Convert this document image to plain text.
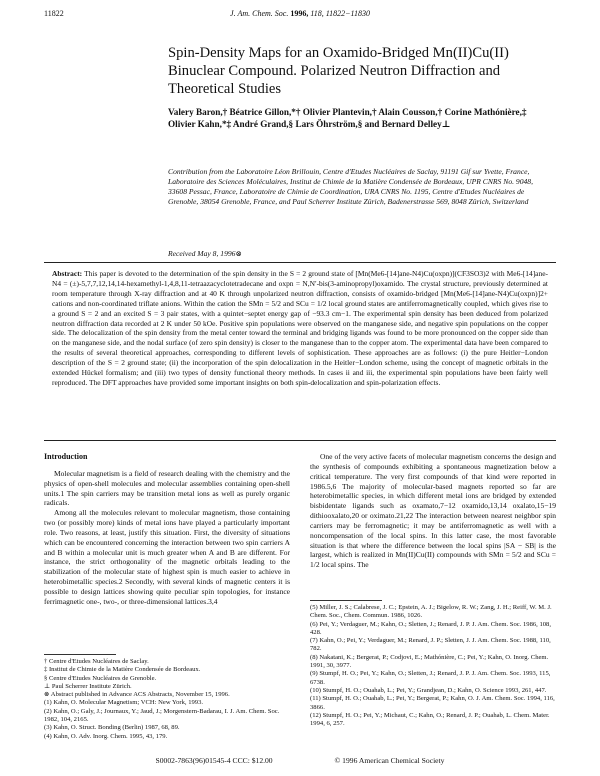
11822	J. Am. Chem. Soc. 1996, 118, 11822−11830
Spin-Density Maps for an Oxamido-Bridged Mn(II)Cu(II) Binuclear Compound. Polarized Neutron Diffraction and Theoretical Studies
Valery Baron,† Béatrice Gillon,*† Olivier Plantevin,† Alain Cousson,† Corine Mathónière,‡ Olivier Kahn,*‡ André Grand,§ Lars Öhrström,§ and Bernard Delley⊥
Contribution from the Laboratoire Léon Brillouin, Centre d'Etudes Nucléaires de Saclay, 91191 Gif sur Yvette, France, Laboratoire des Sciences Moléculaires, Institut de Chimie de la Matière Condensée de Bordeaux, UPR CNRS No. 9048, 33608 Pessac, France, Laboratoire de Chimie de Coordination, URA CNRS No. 1195, Centre d'Etudes Nucléaires de Grenoble, 38054 Grenoble, France, and Paul Scherrer Institute Zürich, Badenerstrasse 569, 8048 Zürich, Switzerland
Received May 8, 1996⊗
Abstract: This paper is devoted to the determination of the spin density in the S = 2 ground state of [Mn(Me6-[14]ane-N4)Cu(oxpn)](CF3SO3)2 with Me6-[14]ane-N4 = (±)-5,7,7,12,14,14-hexamethyl-1,4,8,11-tetraazacyclotetradecane and oxpn = N,N′-bis(3-aminopropyl)oxamido. The crystal structure, previously determined at room temperature through X-ray diffraction and at 40 K through unpolarized neutron diffraction, consists of oxamido-bridged [Mn(Me6-[14]ane-N4)Cu(oxpn)]2+ cations and non-coordinated triflate anions. Within the cation the SMn = 5/2 and SCu = 1/2 local ground states are antiferromagnetically coupled, which gives rise to a ground S = 2 and an excited S = 3 pair states, with a quintet−septet energy gap of −93.3 cm−1. The experimental spin density has been deduced from polarized neutron diffraction data recorded at 2 K under 50 kOe. Positive spin populations were observed on the manganese side, and negative spin populations on the copper side. The delocalization of the spin density from the metal center toward the terminal and bridging ligands was found to be more pronounced on the copper side than on the manganese side, and the nodal surface (of zero spin density) is closer to the manganese than to the copper atom. The experimental data have been compared to the results of several theoretical approaches, corresponding to different levels of sophistication. These approaches are as follows: (i) the pure Heitler−London description of the S = 2 ground state; (ii) the incorporation of the spin delocalization in the Heitler−London scheme, using the concept of magnetic orbitals in the extended Hückel formalism; and (iii) two types of density functional theory methods. In cases ii and iii, the experimental spin populations have been fairly well reproduced. The DFT approaches have provided some important insights on both spin-delocalization and spin-polarization effects.
Introduction

Molecular magnetism is a field of research dealing with the chemistry and the physics of open-shell molecules and molecular assemblies containing open-shell units.1 The spin carriers may be transition metal ions as well as purely organic radicals.

Among all the molecules relevant to molecular magnetism, those containing two (or possibly more) kinds of metal ions have played a particularly important role. Two reasons, at least, justify this situation. First, the diversity of situations which can be encountered concerning the interaction between two spin carriers A and B within a molecular unit is much greater when A and B are different. For instance, the strict orthogonality of the magnetic orbitals leading to the stabilization of the molecular state of highest spin is much easier to achieve in heterobimetallic species.2 Secondly, with several kinds of magnetic centers it is possible to design lattices showing quite peculiar spin topologies, for instance ferrimagnetic one-, two-, or three-dimensional lattices.3,4

One of the very active facets of molecular magnetism concerns the design and the synthesis of compounds exhibiting a spontaneous magnetization below a critical temperature. The very first compounds of that kind were reported in 1986.5,6 The majority of molecular-based magnets reported so far are heterobimetallic species, in which different metal ions are bridged by extended bisbidentate ligands such as oxamato,7−12 oxamido,13,14 oxalato,15−19 dithiooxalato,20 or oximato.21,22 The interaction between nearest neighbor spin carriers may be ferromagnetic; it may be antiferromagnetic as well with a noncompensation of the local spins. In this latter case, the most favorable situation is that where the difference between the local spins |SA − SB| is the largest, which is realized in Mn(II)Cu(II) compounds with SMn = 5/2 and SCu = 1/2 local spins. The

† Centre d'Etudes Nucléaires de Saclay.

‡ Institut de Chimie de la Matière Condensée de Bordeaux.

§ Centre d'Etudes Nucléaires de Grenoble.

⊥ Paul Scherrer Institute Zürich.

⊗ Abstract published in Advance ACS Abstracts, November 15, 1996.

(1) Kahn, O. Molecular Magnetism; VCH: New York, 1993.

(2) Kahn, O.; Galy, J.; Journaux, Y.; Jaud, J.; Morgenstern-Badarau, I. J. Am. Chem. Soc. 1982, 104, 2165.

(3) Kahn, O. Struct. Bonding (Berlin) 1987, 68, 89.

(4) Kahn, O. Adv. Inorg. Chem. 1995, 43, 179.

(5) Miller, J. S.; Calabrese, J. C.; Epstein, A. J.; Bigelow, R. W.; Zang, J. H.; Reiff, W. M. J. Chem. Soc., Chem. Commun. 1986, 1026.

(6) Pei, Y.; Verdaguer, M.; Kahn, O.; Sletten, J.; Renard, J. P. J. Am. Chem. Soc. 1986, 108, 428.

(7) Kahn, O.; Pei, Y.; Verdaguer, M.; Renard, J. P.; Sletten, J. J. Am. Chem. Soc. 1988, 110, 782.

(8) Nakatani, K.; Bergerat, P.; Codjovi, E.; Mathónière, C.; Pei, Y.; Kahn, O. Inorg. Chem. 1991, 30, 3977.

(9) Stumpf, H. O.; Pei, Y.; Kahn, O.; Sletten, J.; Renard, J. P. J. Am. Chem. Soc. 1993, 115, 6738.

(10) Stumpf, H. O.; Ouahab, L.; Pei, Y.; Grandjean, D.; Kahn, O. Science 1993, 261, 447.

(11) Stumpf, H. O.; Ouahab, L.; Pei, Y.; Bergerat, P.; Kahn, O. J. Am. Chem. Soc. 1994, 116, 3866.

(12) Stumpf, H. O.; Pei, Y.; Michaut, C.; Kahn, O.; Renard, J. P.; Ouahab, L. Chem. Mater. 1994, 6, 257.

S0002-7863(96)01545-4 CCC: $12.00	© 1996 American Chemical Society
